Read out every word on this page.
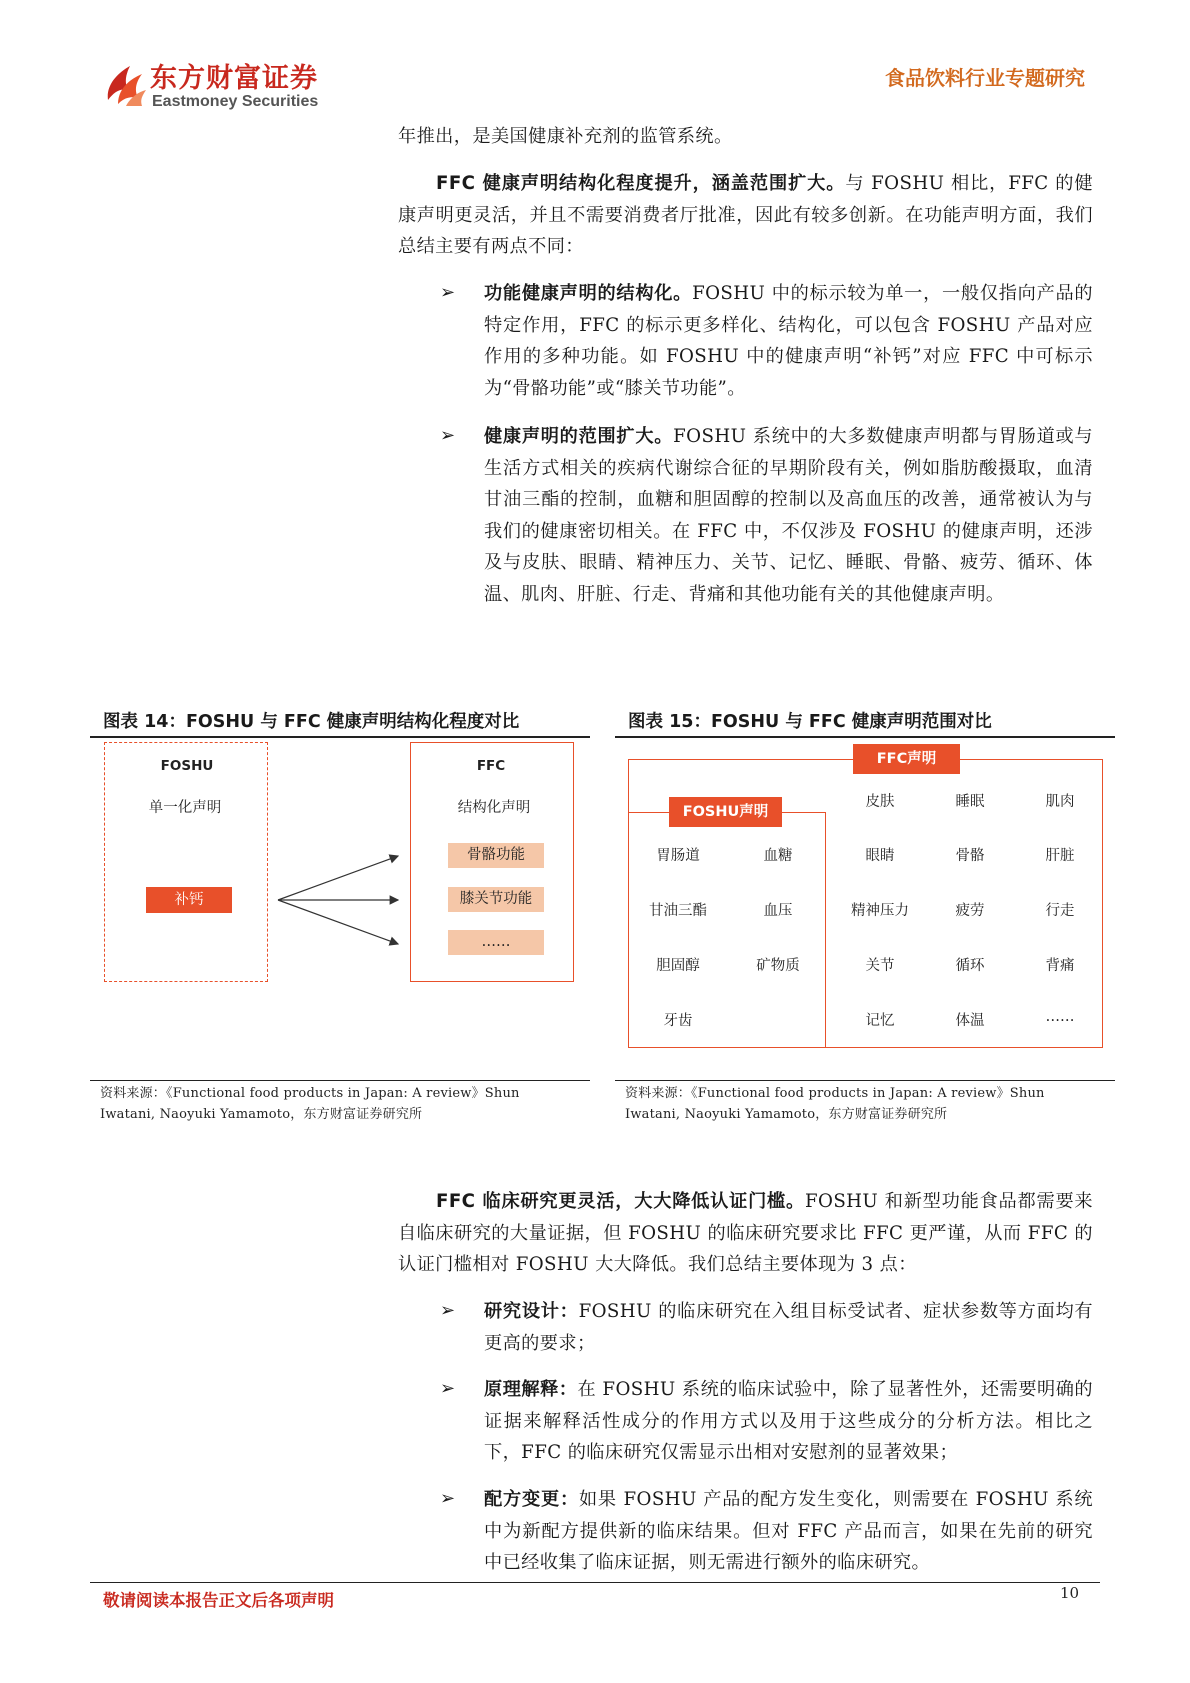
东方财富证券
Eastmoney Securities
食品饮料行业专题研究
年推出，是美国健康补充剂的监管系统。
FFC 健康声明结构化程度提升，涵盖范围扩大。与 FOSHU 相比，FFC 的健康声明更灵活，并且不需要消费者厅批准，因此有较多创新。在功能声明方面，我们总结主要有两点不同：
➢ 功能健康声明的结构化。FOSHU 中的标示较为单一，一般仅指向产品的特定作用，FFC 的标示更多样化、结构化，可以包含 FOSHU 产品对应作用的多种功能。如 FOSHU 中的健康声明“补钙”对应 FFC 中可标示为“骨骼功能”或“膝关节功能”。
➢ 健康声明的范围扩大。FOSHU 系统中的大多数健康声明都与胃肠道或与生活方式相关的疾病代谢综合征的早期阶段有关，例如脂肪酸摄取，血清甘油三酯的控制，血糖和胆固醇的控制以及高血压的改善，通常被认为与我们的健康密切相关。在 FFC 中，不仅涉及 FOSHU 的健康声明，还涉及与皮肤、眼睛、精神压力、关节、记忆、睡眠、骨骼、疲劳、循环、体温、肌肉、肝脏、行走、背痛和其他功能有关的其他健康声明。
图表 14：FOSHU 与 FFC 健康声明结构化程度对比
FOSHU
单一化声明
补钙
FFC
结构化声明
骨骼功能
膝关节功能
……
资料来源：《Functional food products in Japan: A review》Shun Iwatani, Naoyuki Yamamoto，东方财富证券研究所
图表 15：FOSHU 与 FFC 健康声明范围对比
FFC声明
FOSHU声明
胃肠道	血糖
甘油三酯	血压
胆固醇	矿物质
牙齿
皮肤	睡眠	肌肉
眼睛	骨骼	肝脏
精神压力	疲劳	行走
关节	循环	背痛
记忆	体温	……
资料来源：《Functional food products in Japan: A review》Shun Iwatani, Naoyuki Yamamoto，东方财富证券研究所
FFC 临床研究更灵活，大大降低认证门槛。FOSHU 和新型功能食品都需要来自临床研究的大量证据，但 FOSHU 的临床研究要求比 FFC 更严谨，从而 FFC 的认证门槛相对 FOSHU 大大降低。我们总结主要体现为 3 点：
➢ 研究设计：FOSHU 的临床研究在入组目标受试者、症状参数等方面均有更高的要求；
➢ 原理解释：在 FOSHU 系统的临床试验中，除了显著性外，还需要明确的证据来解释活性成分的作用方式以及用于这些成分的分析方法。相比之下，FFC 的临床研究仅需显示出相对安慰剂的显著效果；
➢ 配方变更：如果 FOSHU 产品的配方发生变化，则需要在 FOSHU 系统中为新配方提供新的临床结果。但对 FFC 产品而言，如果在先前的研究中已经收集了临床证据，则无需进行额外的临床研究。
敬请阅读本报告正文后各项声明	10
